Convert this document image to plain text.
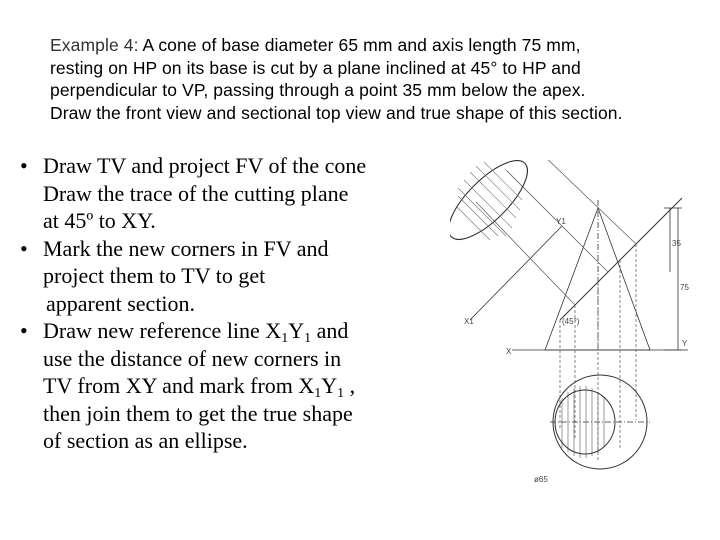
Example 4: A cone of base diameter 65 mm and axis length 75 mm,
resting on HP on its base is cut by a plane inclined at 45° to HP and
perpendicular to VP, passing through a point 35 mm below the apex.
Draw the front view and sectional top view and true shape of this section.
• Draw TV and project FV of the cone
Draw the trace of the cutting plane
at 45º to XY.
• Mark the new corners in FV and
project them to TV to get
apparent section.
• Draw new reference line $X_1Y_1$ and
use the distance of new corners in
TV from XY and mark from $X_1Y_1$ ,
then join them to get the true shape
of section as an ellipse.
35
75
(45°)
X
X1
Y
Y1
ø65
